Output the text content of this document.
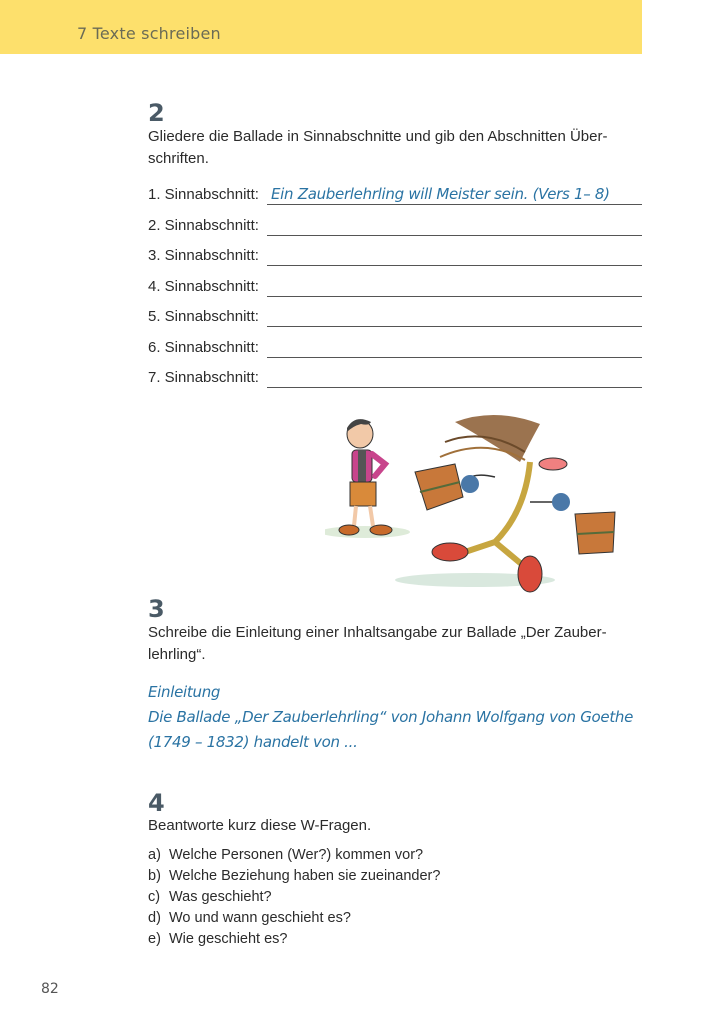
7 Texte schreiben
2
Gliedere die Ballade in Sinnabschnitte und gib den Abschnitten Über-
schriften.
1. Sinnabschnitt: Ein Zauberlehrling will Meister sein. (Vers 1– 8)
2. Sinnabschnitt:
3. Sinnabschnitt:
4. Sinnabschnitt:
5. Sinnabschnitt:
6. Sinnabschnitt:
7. Sinnabschnitt:
3
Schreibe die Einleitung einer Inhaltsangabe zur Ballade „Der Zauber-
lehrling“.
Einleitung
Die Ballade „Der Zauberlehrling“ von Johann Wolfgang von Goethe
(1749 – 1832) handelt von ...
4
Beantworte kurz diese W-Fragen.
a) Welche Personen (Wer?) kommen vor?
b) Welche Beziehung haben sie zueinander?
c) Was geschieht?
d) Wo und wann geschieht es?
e) Wie geschieht es?
82
